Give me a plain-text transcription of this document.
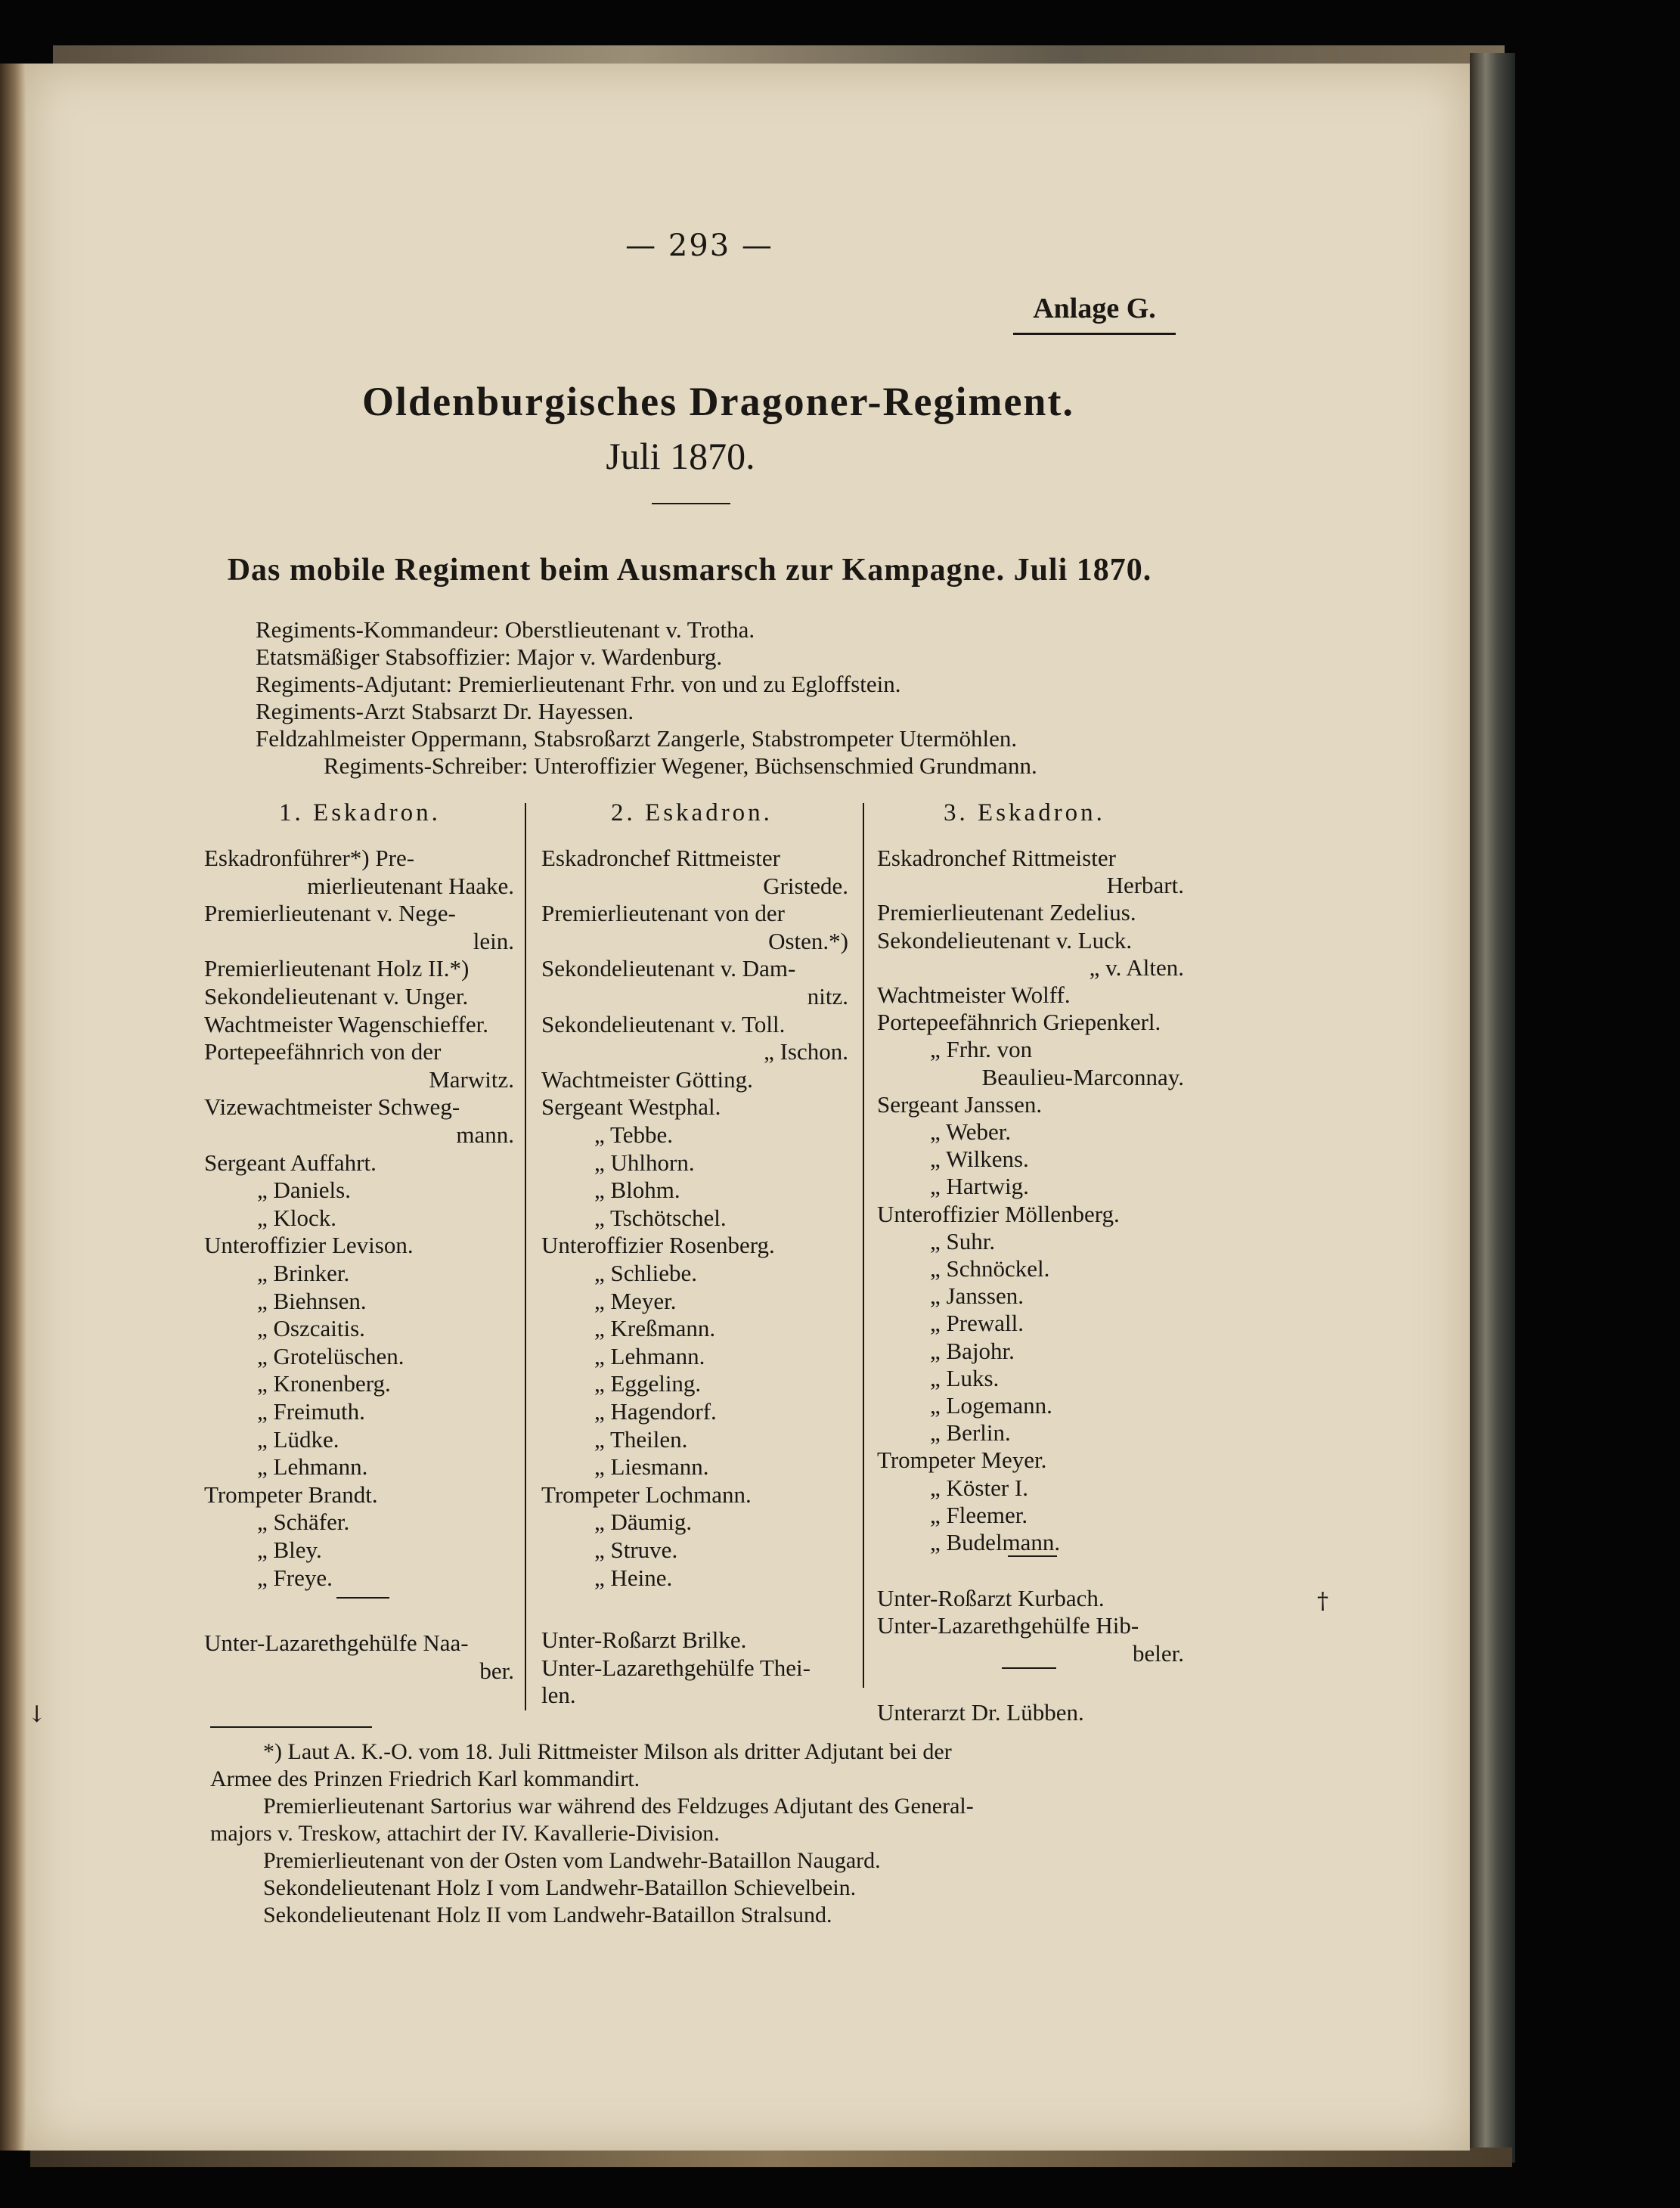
— 293 —
Anlage G.
Oldenburgisches Dragoner-Regiment.
Juli 1870.
Das mobile Regiment beim Ausmarsch zur Kampagne. Juli 1870.
Regiments-Kommandeur: Oberstlieutenant v. Trotha.
Etatsmäßiger Stabsoffizier: Major v. Wardenburg.
Regiments-Adjutant: Premierlieutenant Frhr. von und zu Egloffstein.
Regiments-Arzt Stabsarzt Dr. Hayessen.
Feldzahlmeister Oppermann, Stabsroßarzt Zangerle, Stabstrompeter Utermöhlen.
Regiments-Schreiber: Unteroffizier Wegener, Büchsenschmied Grundmann.
1. Eskadron.	2. Eskadron.	3. Eskadron.
Eskadronführer*) Pre-
mierlieutenant Haake.
Premierlieutenant v. Nege-
lein.
Premierlieutenant Holz II.*)
Sekondelieutenant v. Unger.
Wachtmeister Wagenschieffer.
Portepeefähnrich von der
Marwitz.
Vizewachtmeister Schweg-
mann.
Sergeant Auffahrt.
„ Daniels.
„ Klock.
Unteroffizier Levison.
„ Brinker.
„ Biehnsen.
„ Oszcaitis.
„ Grotelüschen.
„ Kronenberg.
„ Freimuth.
„ Lüdke.
„ Lehmann.
Trompeter Brandt.
„ Schäfer.
„ Bley.
„ Freye.
Unter-Lazarethgehülfe Naa-
ber.
Eskadronchef Rittmeister
Gristede.
Premierlieutenant von der
Osten.*)
Sekondelieutenant v. Dam-
nitz.
Sekondelieutenant v. Toll.
„ Ischon.
Wachtmeister Götting.
Sergeant Westphal.
„ Tebbe.
„ Uhlhorn.
„ Blohm.
„ Tschötschel.
Unteroffizier Rosenberg.
„ Schliebe.
„ Meyer.
„ Kreßmann.
„ Lehmann.
„ Eggeling.
„ Hagendorf.
„ Theilen.
„ Liesmann.
Trompeter Lochmann.
„ Däumig.
„ Struve.
„ Heine.
Unter-Roßarzt Brilke.
Unter-Lazarethgehülfe Thei-
len.
Eskadronchef Rittmeister
Herbart.
Premierlieutenant Zedelius.
Sekondelieutenant v. Luck.
„ v. Alten.
Wachtmeister Wolff.
Portepeefähnrich Griepenkerl.
„ Frhr. von
Beaulieu-Marconnay.
Sergeant Janssen.
„ Weber.
„ Wilkens.
„ Hartwig.
Unteroffizier Möllenberg.
„ Suhr.
„ Schnöckel.
„ Janssen.
„ Prewall.
„ Bajohr.
„ Luks.
„ Logemann.
„ Berlin.
Trompeter Meyer.
„ Köster I.
„ Fleemer.
„ Budelmann.
Unter-Roßarzt Kurbach.
Unter-Lazarethgehülfe Hib-
beler.
Unterarzt Dr. Lübben.
*) Laut A. K.-O. vom 18. Juli Rittmeister Milson als dritter Adjutant bei der
Armee des Prinzen Friedrich Karl kommandirt.
Premierlieutenant Sartorius war während des Feldzuges Adjutant des General-
majors v. Treskow, attachirt der IV. Kavallerie-Division.
Premierlieutenant von der Osten vom Landwehr-Bataillon Naugard.
Sekondelieutenant Holz I vom Landwehr-Bataillon Schievelbein.
Sekondelieutenant Holz II vom Landwehr-Bataillon Stralsund.
†
↓
